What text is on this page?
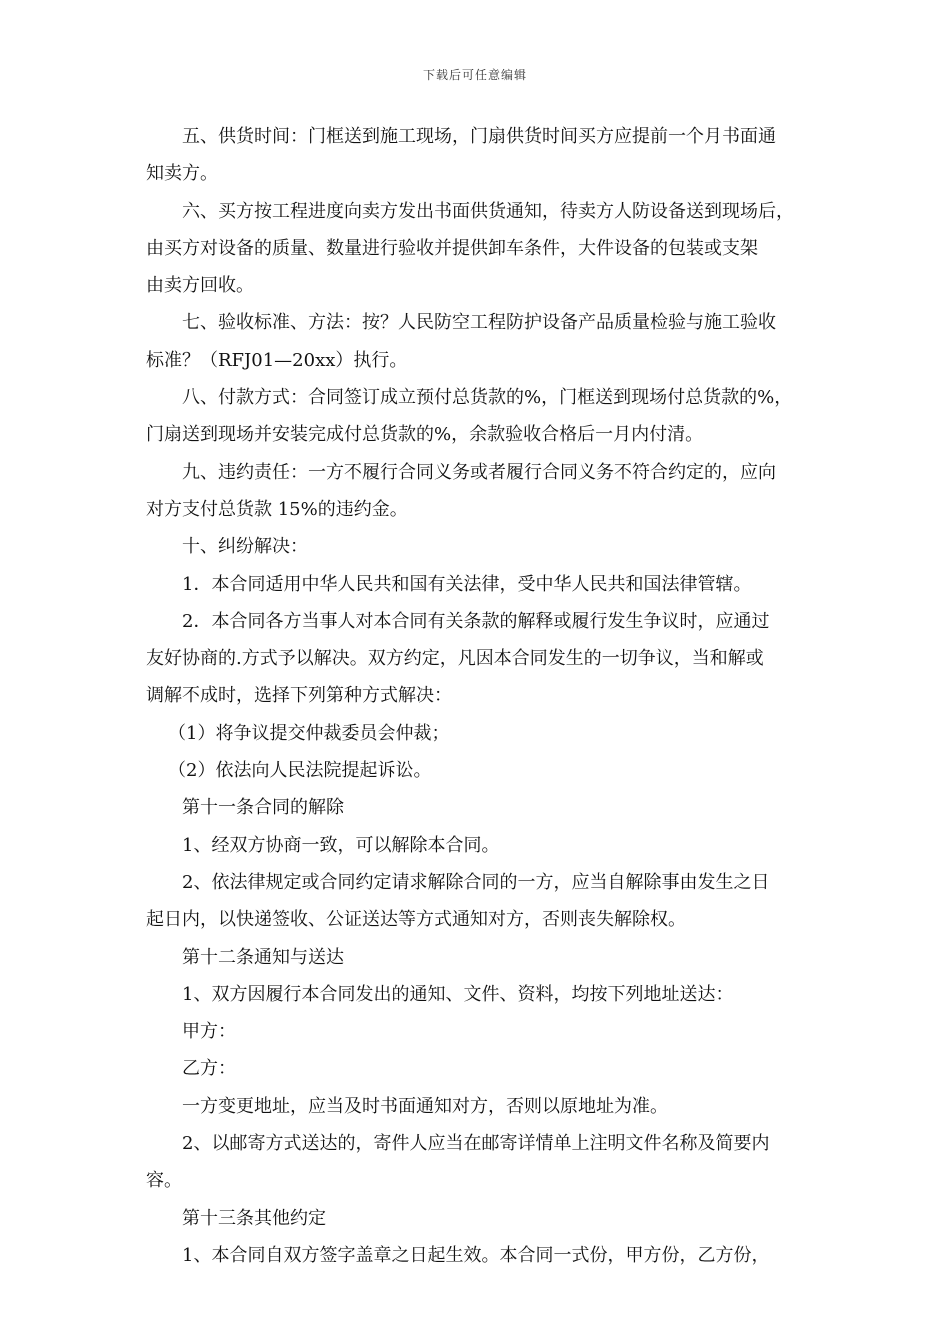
下载后可任意编辑

五、供货时间：门框送到施工现场，门扇供货时间买方应提前一个月书面通

知卖方。

六、买方按工程进度向卖方发出书面供货通知，待卖方人防设备送到现场后，

由买方对设备的质量、数量进行验收并提供卸车条件，大件设备的包装或支架

由卖方回收。

七、验收标准、方法：按？人民防空工程防护设备产品质量检验与施工验收

标准？（RFJ01—20xx）执行。

八、付款方式：合同签订成立预付总货款的%，门框送到现场付总货款的%，

门扇送到现场并安装完成付总货款的%，余款验收合格后一月内付清。

九、违约责任：一方不履行合同义务或者履行合同义务不符合约定的，应向

对方支付总货款 15%的违约金。

十、纠纷解决：

1．本合同适用中华人民共和国有关法律，受中华人民共和国法律管辖。

2．本合同各方当事人对本合同有关条款的解释或履行发生争议时，应通过

友好协商的.方式予以解决。双方约定，凡因本合同发生的一切争议，当和解或

调解不成时，选择下列第种方式解决：

（1）将争议提交仲裁委员会仲裁；

（2）依法向人民法院提起诉讼。

第十一条合同的解除

1、经双方协商一致，可以解除本合同。

2、依法律规定或合同约定请求解除合同的一方，应当自解除事由发生之日

起日内，以快递签收、公证送达等方式通知对方，否则丧失解除权。

第十二条通知与送达

1、双方因履行本合同发出的通知、文件、资料，均按下列地址送达：

甲方：

乙方：

一方变更地址，应当及时书面通知对方，否则以原地址为准。

2、以邮寄方式送达的，寄件人应当在邮寄详情单上注明文件名称及简要内

容。

第十三条其他约定

1、本合同自双方签字盖章之日起生效。本合同一式份，甲方份，乙方份，
